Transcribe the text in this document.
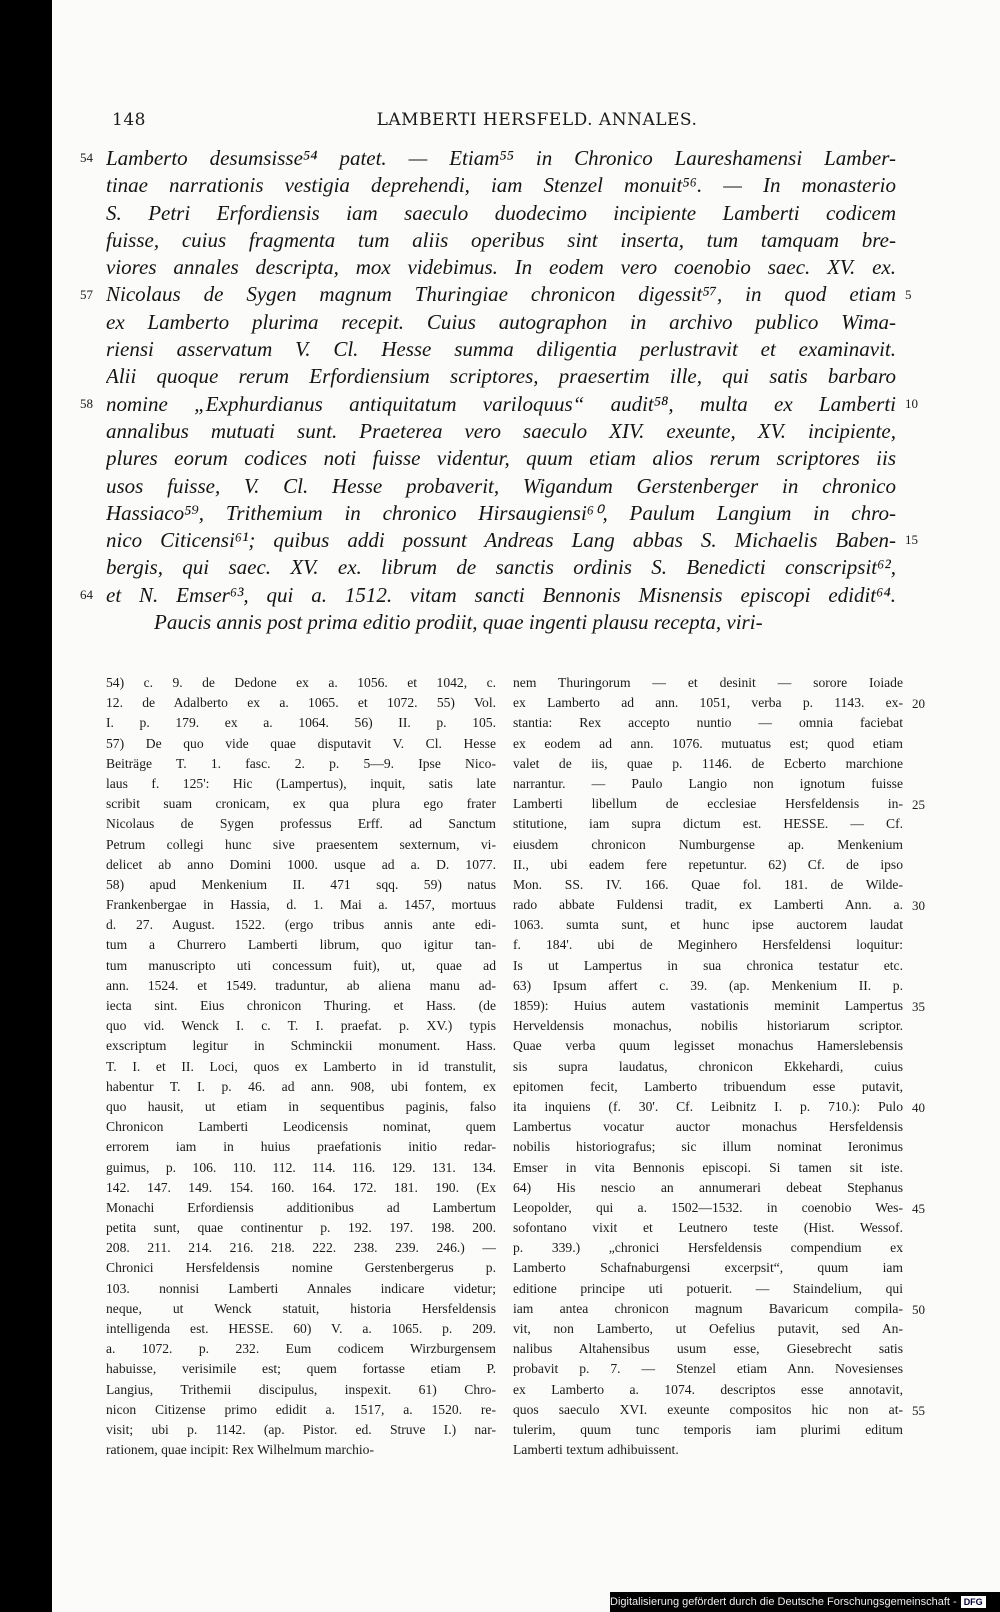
148	LAMBERTI HERSFELD. ANNALES.
Lamberto desumsisse⁵⁴ patet. — Etiam⁵⁵ in Chronico Laureshamensi Lamber-
tinae narrationis vestigia deprehendi, iam Stenzel monuit⁵⁶. — In monasterio
S. Petri Erfordiensis iam saeculo duodecimo incipiente Lamberti codicem
fuisse, cuius fragmenta tum aliis operibus sint inserta, tum tamquam bre-
viores annales descripta, mox videbimus. In eodem vero coenobio saec. XV. ex.
Nicolaus de Sygen magnum Thuringiae chronicon digessit⁵⁷, in quod etiam
ex Lamberto plurima recepit. Cuius autographon in archivo publico Wima-
riensi asservatum V. Cl. Hesse summa diligentia perlustravit et examinavit.
Alii quoque rerum Erfordiensium scriptores, praesertim ille, qui satis barbaro
nomine „Exphurdianus antiquitatum variloquus“ audit⁵⁸, multa ex Lamberti
annalibus mutuati sunt. Praeterea vero saeculo XIV. exeunte, XV. incipiente,
plures eorum codices noti fuisse videntur, quum etiam alios rerum scriptores iis
usos fuisse, V. Cl. Hesse probaverit, Wigandum Gerstenberger in chronico
Hassiaco⁵⁹, Trithemium in chronico Hirsaugiensi⁶⁰, Paulum Langium in chro-
nico Citicensi⁶¹; quibus addi possunt Andreas Lang abbas S. Michaelis Baben-
bergis, qui saec. XV. ex. librum de sanctis ordinis S. Benedicti conscripsit⁶²,
et N. Emser⁶³, qui a. 1512. vitam sancti Bennonis Misnensis episcopi edidit⁶⁴.
Paucis annis post prima editio prodiit, quae ingenti plausu recepta, viri-
54
57
58
64
5
10
15
54) c. 9. de Dedone ex a. 1056. et 1042, c.
12. de Adalberto ex a. 1065. et 1072. 55) Vol.
I. p. 179. ex a. 1064. 56) II. p. 105.
57) De quo vide quae disputavit V. Cl. Hesse
Beiträge T. 1. fasc. 2. p. 5—9. Ipse Nico-
laus f. 125': Hic (Lampertus), inquit, satis late
scribit suam cronicam, ex qua plura ego frater
Nicolaus de Sygen professus Erff. ad Sanctum
Petrum collegi hunc sive praesentem sexternum, vi-
delicet ab anno Domini 1000. usque ad a. D. 1077.
58) apud Menkenium II. 471 sqq. 59) natus
Frankenbergae in Hassia, d. 1. Mai a. 1457, mortuus
d. 27. August. 1522. (ergo tribus annis ante edi-
tum a Churrero Lamberti librum, quo igitur tan-
tum manuscripto uti concessum fuit), ut, quae ad
ann. 1524. et 1549. traduntur, ab aliena manu ad-
iecta sint. Eius chronicon Thuring. et Hass. (de
quo vid. Wenck I. c. T. I. praefat. p. XV.) typis
exscriptum legitur in Schminckii monument. Hass.
T. I. et II. Loci, quos ex Lamberto in id transtulit,
habentur T. I. p. 46. ad ann. 908, ubi fontem, ex
quo hausit, ut etiam in sequentibus paginis, falso
Chronicon Lamberti Leodicensis nominat, quem
errorem iam in huius praefationis initio redar-
guimus, p. 106. 110. 112. 114. 116. 129. 131. 134.
142. 147. 149. 154. 160. 164. 172. 181. 190. (Ex
Monachi Erfordiensis additionibus ad Lambertum
petita sunt, quae continentur p. 192. 197. 198. 200.
208. 211. 214. 216. 218. 222. 238. 239. 246.) —
Chronici Hersfeldensis nomine Gerstenbergerus p.
103. nonnisi Lamberti Annales indicare videtur;
neque, ut Wenck statuit, historia Hersfeldensis
intelligenda est. HESSE. 60) V. a. 1065. p. 209.
a. 1072. p. 232. Eum codicem Wirzburgensem
habuisse, verisimile est; quem fortasse etiam P.
Langius, Trithemii discipulus, inspexit. 61) Chro-
nicon Citizense primo edidit a. 1517, a. 1520. re-
visit; ubi p. 1142. (ap. Pistor. ed. Struve I.) nar-
rationem, quae incipit: Rex Wilhelmum marchio-
nem Thuringorum — et desinit — sorore Ioiade
ex Lamberto ad ann. 1051, verba p. 1143. ex-
stantia: Rex accepto nuntio — omnia faciebat
ex eodem ad ann. 1076. mutuatus est; quod etiam
valet de iis, quae p. 1146. de Ecberto marchione
narrantur. — Paulo Langio non ignotum fuisse
Lamberti libellum de ecclesiae Hersfeldensis in-
stitutione, iam supra dictum est. HESSE. — Cf.
eiusdem chronicon Numburgense ap. Menkenium
II., ubi eadem fere repetuntur. 62) Cf. de ipso
Mon. SS. IV. 166. Quae fol. 181. de Wilde-
rado abbate Fuldensi tradit, ex Lamberti Ann. a.
1063. sumta sunt, et hunc ipse auctorem laudat
f. 184'. ubi de Meginhero Hersfeldensi loquitur:
Is ut Lampertus in sua chronica testatur etc.
63) Ipsum affert c. 39. (ap. Menkenium II. p.
1859): Huius autem vastationis meminit Lampertus
Herveldensis monachus, nobilis historiarum scriptor.
Quae verba quum legisset monachus Hamerslebensis
sis supra laudatus, chronicon Ekkehardi, cuius
epitomen fecit, Lamberto tribuendum esse putavit,
ita inquiens (f. 30'. Cf. Leibnitz I. p. 710.): Pulo
Lambertus vocatur auctor monachus Hersfeldensis
nobilis historiografus; sic illum nominat Ieronimus
Emser in vita Bennonis episcopi. Si tamen sit iste.
64) His nescio an annumerari debeat Stephanus
Leopolder, qui a. 1502—1532. in coenobio Wes-
sofontano vixit et Leutnero teste (Hist. Wessof.
p. 339.) „chronici Hersfeldensis compendium ex
Lamberto Schafnaburgensi excerpsit“, quum iam
editione principe uti potuerit. — Staindelium, qui
iam antea chronicon magnum Bavaricum compila-
vit, non Lamberto, ut Oefelius putavit, sed An-
nalibus Altahensibus usum esse, Giesebrecht satis
probavit p. 7. — Stenzel etiam Ann. Novesienses
ex Lamberto a. 1074. descriptos esse annotavit,
quos saeculo XVI. exeunte compositos hic non at-
tulerim, quum tunc temporis iam plurimi editum
Lamberti textum adhibuissent.
20
25
30
35
40
45
50
55
Digitalisierung gefördert durch die Deutsche Forschungsgemeinschaft - DFG
